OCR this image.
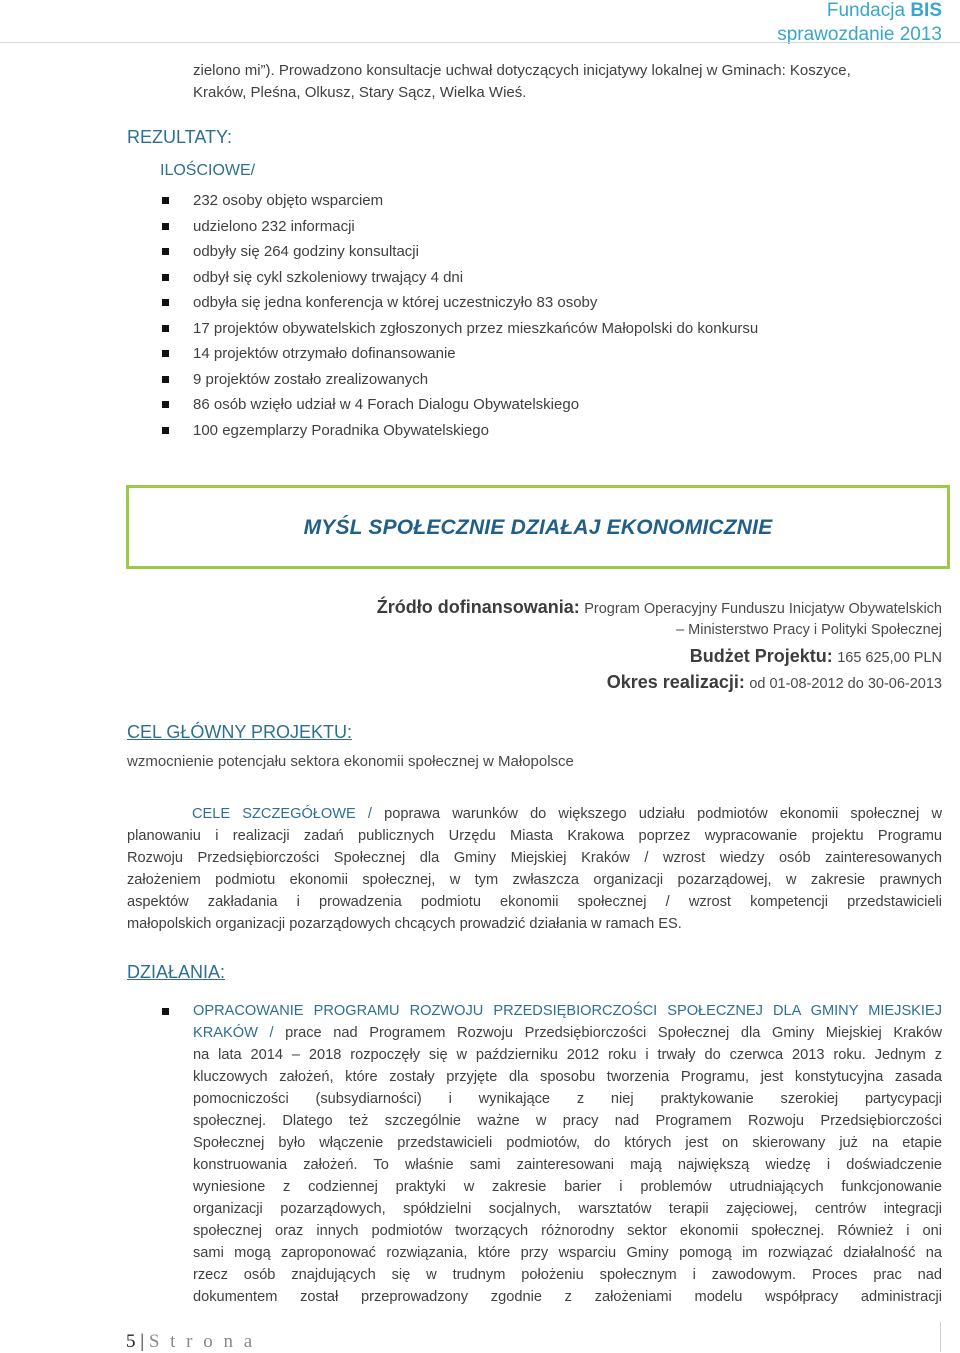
Fundacja BIS
sprawozdanie 2013
zielono mi”). Prowadzono konsultacje uchwał dotyczących inicjatywy lokalnej w Gminach: Koszyce,
Kraków, Pleśna, Olkusz, Stary Sącz, Wielka Wieś.
REZULTATY:
ILOŚCIOWE/
232 osoby objęto wsparciem
udzielono 232 informacji
odbyły się 264 godziny konsultacji
odbył się cykl szkoleniowy trwający 4 dni
odbyła się jedna konferencja w której uczestniczyło 83 osoby
17 projektów obywatelskich zgłoszonych przez mieszkańców Małopolski do konkursu
14 projektów otrzymało dofinansowanie
9 projektów zostało zrealizowanych
86 osób wzięło udział w 4 Forach Dialogu Obywatelskiego
100 egzemplarzy Poradnika Obywatelskiego
MYŚL SPOŁECZNIE DZIAŁAJ EKONOMICZNIE
Źródło dofinansowania: Program Operacyjny Funduszu Inicjatyw Obywatelskich
– Ministerstwo Pracy i Polityki Społecznej
Budżet Projektu: 165 625,00 PLN
Okres realizacji: od 01-08-2012 do 30-06-2013
CEL GŁÓWNY PROJEKTU:
wzmocnienie potencjału sektora ekonomii społecznej w Małopolsce
CELE SZCZEGÓŁOWE / poprawa warunków do większego udziału podmiotów ekonomii społecznej w
planowaniu i realizacji zadań publicznych Urzędu Miasta Krakowa poprzez wypracowanie projektu Programu
Rozwoju Przedsiębiorczości Społecznej dla Gminy Miejskiej Kraków / wzrost wiedzy osób zainteresowanych
założeniem podmiotu ekonomii społecznej, w tym zwłaszcza organizacji pozarządowej, w zakresie prawnych
aspektów zakładania i prowadzenia podmiotu ekonomii społecznej / wzrost kompetencji przedstawicieli
małopolskich organizacji pozarządowych chcących prowadzić działania w ramach ES.
DZIAŁANIA:
OPRACOWANIE PROGRAMU ROZWOJU PRZEDSIĘBIORCZOŚCI SPOŁECZNEJ DLA GMINY MIEJSKIEJ
KRAKÓW / prace nad Programem Rozwoju Przedsiębiorczości Społecznej dla Gminy Miejskiej Kraków
na lata 2014 – 2018 rozpoczęły się w październiku 2012 roku i trwały do czerwca 2013 roku. Jednym z
kluczowych założeń, które zostały przyjęte dla sposobu tworzenia Programu, jest konstytucyjna zasada
pomocniczości (subsydiarności) i wynikające z niej praktykowanie szerokiej partycypacji
społecznej. Dlatego też szczególnie ważne w pracy nad Programem Rozwoju Przedsiębiorczości
Społecznej było włączenie przedstawicieli podmiotów, do których jest on skierowany już na etapie
konstruowania założeń. To właśnie sami zainteresowani mają największą wiedzę i doświadczenie
wyniesione z codziennej praktyki w zakresie barier i problemów utrudniających funkcjonowanie
organizacji pozarządowych, spółdzielni socjalnych, warsztatów terapii zajęciowej, centrów integracji
społecznej oraz innych podmiotów tworzących różnorodny sektor ekonomii społecznej. Również i oni
sami mogą zaproponować rozwiązania, które przy wsparciu Gminy pomogą im rozwiązać działalność na
rzecz osób znajdujących się w trudnym położeniu społecznym i zawodowym. Proces prac nad
dokumentem został przeprowadzony zgodnie z założeniami modelu współpracy administracji
5 | S t r o n a
